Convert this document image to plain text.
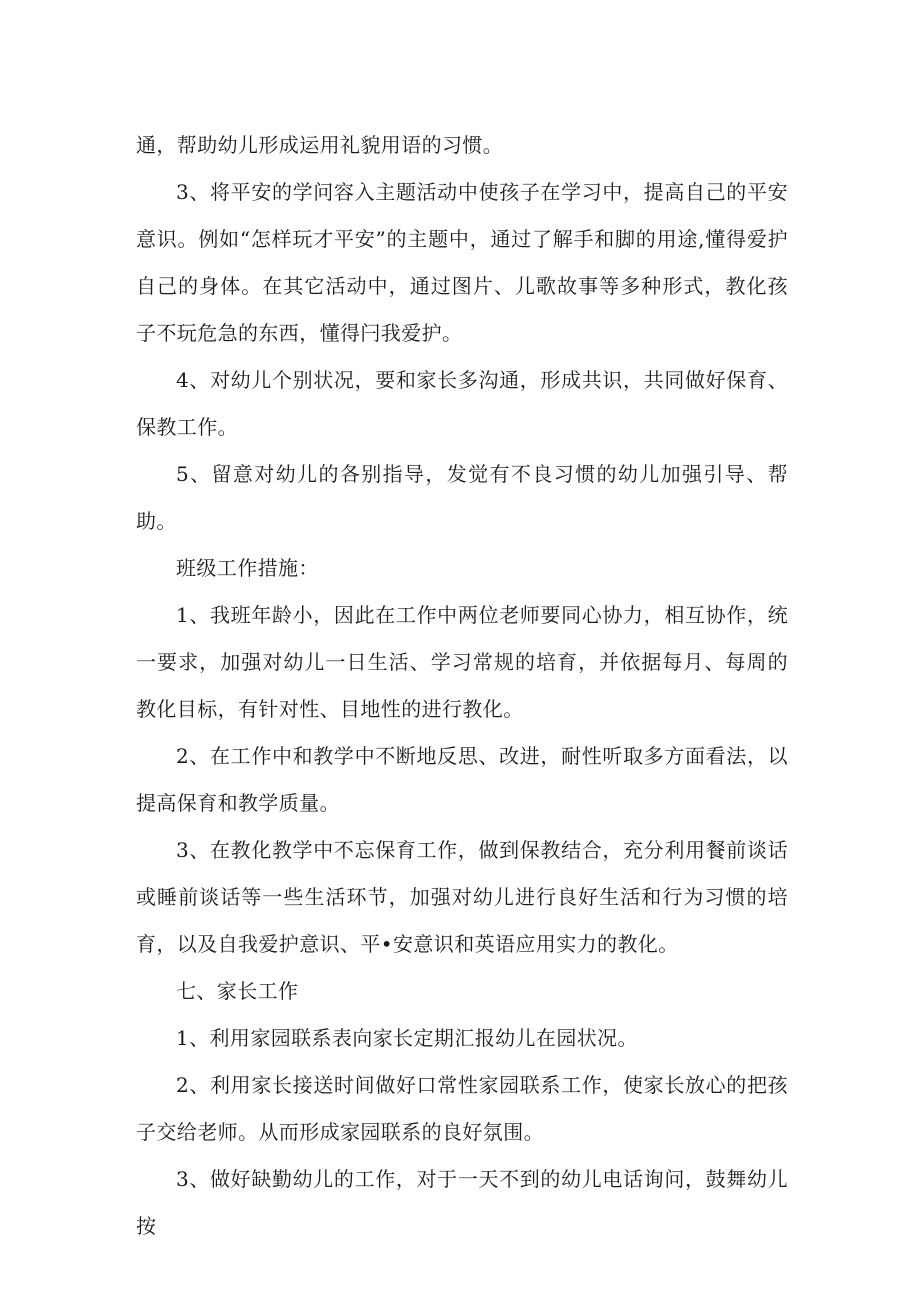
通，帮助幼儿形成运用礼貌用语的习惯。

3、将平安的学问容入主题活动中使孩子在学习中，提高自己的平安意识。例如“怎样玩才平安”的主题中，通过了解手和脚的用途,懂得爱护自己的身体。在其它活动中，通过图片、儿歌故事等多种形式，教化孩子不玩危急的东西，懂得闩我爱护。

4、对幼儿个别状况，要和家长多沟通，形成共识，共同做好保育、保教工作。

5、留意对幼儿的各别指导，发觉有不良习惯的幼儿加强引导、帮助。

班级工作措施：

1、我班年龄小，因此在工作中两位老师要同心协力，相互协作，统一要求，加强对幼儿一日生活、学习常规的培育，并依据每月、每周的教化目标，有针对性、目地性的进行教化。

2、在工作中和教学中不断地反思、改进，耐性听取多方面看法，以提高保育和教学质量。

3、在教化教学中不忘保育工作，做到保教结合，充分利用餐前谈话或睡前谈话等一些生活环节，加强对幼儿进行良好生活和行为习惯的培育，以及自我爱护意识、平•安意识和英语应用实力的教化。

七、家长工作

1、利用家园联系表向家长定期汇报幼儿在园状况。

2、利用家长接送时间做好口常性家园联系工作，使家长放心的把孩子交给老师。从而形成家园联系的良好氛围。

3、做好缺勤幼儿的工作，对于一天不到的幼儿电话询问，鼓舞幼儿按
